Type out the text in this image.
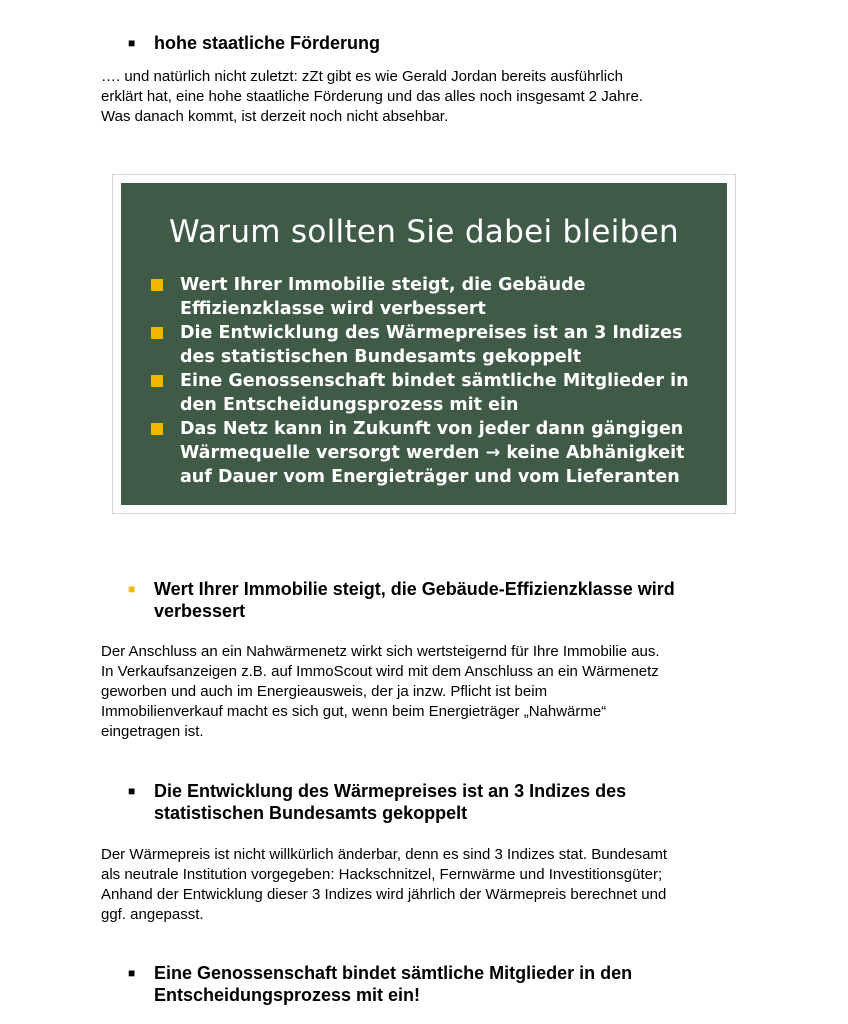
■	hohe staatliche Förderung

…. und natürlich nicht zuletzt: zZt gibt es wie Gerald Jordan bereits ausführlich

erklärt hat, eine hohe staatliche Förderung und das alles noch insgesamt 2 Jahre.

Was danach kommt, ist derzeit noch nicht absehbar.

Warum sollten Sie dabei bleiben
Wert Ihrer Immobilie steigt, die Gebäude
Effizienzklasse wird verbessert
Die Entwicklung des Wärmepreises ist an 3 Indizes
des statistischen Bundesamts gekoppelt
Eine Genossenschaft bindet sämtliche Mitglieder in
den Entscheidungsprozess mit ein
Das Netz kann in Zukunft von jeder dann gängigen
Wärmequelle versorgt werden → keine Abhänigkeit
auf Dauer vom Energieträger und vom Lieferanten
■	Wert Ihrer Immobilie steigt, die Gebäude-Effizienzklasse wird
verbessert

Der Anschluss an ein Nahwärmenetz wirkt sich wertsteigernd für Ihre Immobilie aus.

In Verkaufsanzeigen z.B. auf ImmoScout wird mit dem Anschluss an ein Wärmenetz

geworben und auch im Energieausweis, der ja inzw. Pflicht ist beim

Immobilienverkauf macht es sich gut, wenn beim Energieträger „Nahwärme“

eingetragen ist.

■	Die Entwicklung des Wärmepreises ist an 3 Indizes des
statistischen Bundesamts gekoppelt

Der Wärmepreis ist nicht willkürlich änderbar, denn es sind 3 Indizes stat. Bundesamt

als neutrale Institution vorgegeben: Hackschnitzel, Fernwärme und Investitionsgüter;

Anhand der Entwicklung dieser 3 Indizes wird jährlich der Wärmepreis berechnet und

ggf. angepasst.

■	Eine Genossenschaft bindet sämtliche Mitglieder in den
Entscheidungsprozess mit ein!
